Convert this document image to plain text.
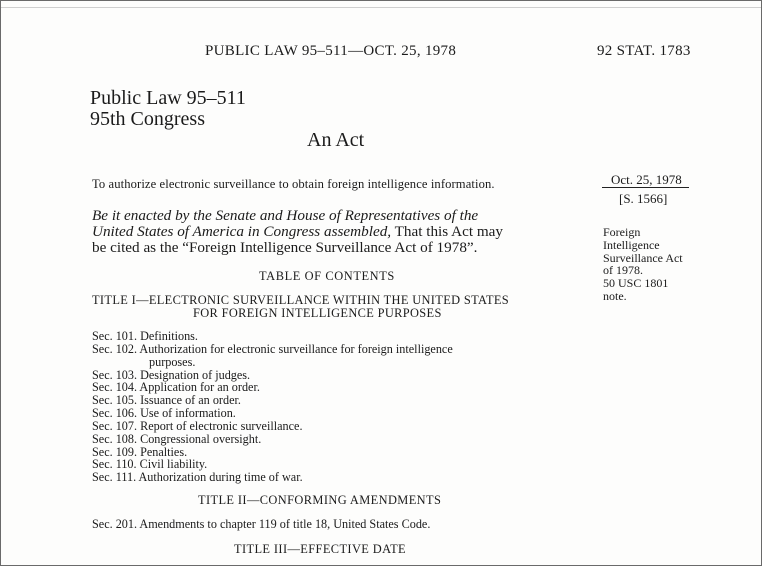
PUBLIC LAW 95–511—OCT. 25, 1978	92 STAT. 1783
Public Law 95–511
95th Congress
An Act
To authorize electronic surveillance to obtain foreign intelligence information.	Oct. 25, 1978
[S. 1566]
Be it enacted by the Senate and House of Representatives of the
United States of America in Congress assembled, That this Act may
be cited as the “Foreign Intelligence Surveillance Act of 1978”.
Foreign
Intelligence
Surveillance Act
of 1978.
50 USC 1801
note.
TABLE OF CONTENTS
TITLE I—ELECTRONIC SURVEILLANCE WITHIN THE UNITED STATES
FOR FOREIGN INTELLIGENCE PURPOSES
Sec. 101. Definitions.
Sec. 102. Authorization for electronic surveillance for foreign intelligence
purposes.
Sec. 103. Designation of judges.
Sec. 104. Application for an order.
Sec. 105. Issuance of an order.
Sec. 106. Use of information.
Sec. 107. Report of electronic surveillance.
Sec. 108. Congressional oversight.
Sec. 109. Penalties.
Sec. 110. Civil liability.
Sec. 111. Authorization during time of war.
TITLE II—CONFORMING AMENDMENTS
Sec. 201. Amendments to chapter 119 of title 18, United States Code.
TITLE III—EFFECTIVE DATE
